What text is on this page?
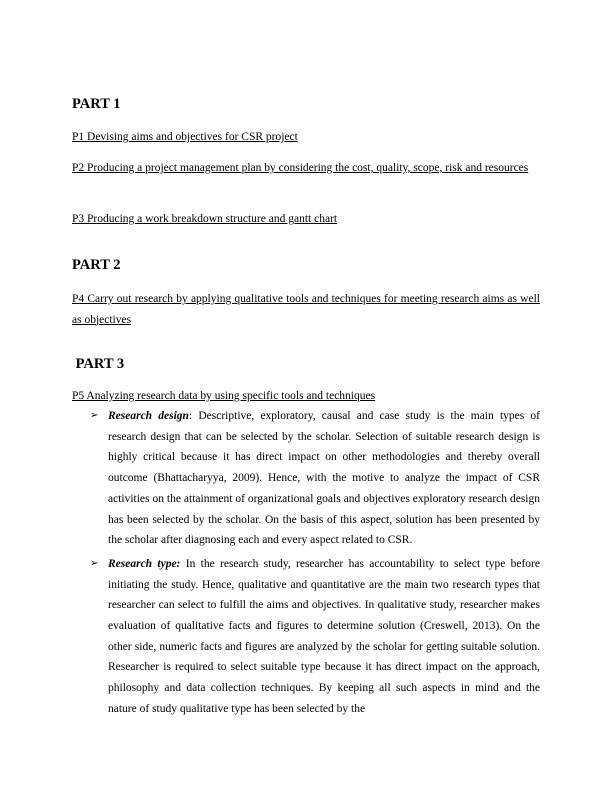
PART 1

P1 Devising aims and objectives for CSR project

P2 Producing a project management plan by considering the cost, quality, scope, risk and resources

P3 Producing a work breakdown structure and gantt chart

PART 2

P4 Carry out research by applying qualitative tools and techniques for meeting research aims as well as objectives

PART 3

P5 Analyzing research data by using specific tools and techniques

➢ Research design: Descriptive, exploratory, causal and case study is the main types of research design that can be selected by the scholar. Selection of suitable research design is highly critical because it has direct impact on other methodologies and thereby overall outcome (Bhattacharyya, 2009). Hence, with the motive to analyze the impact of CSR activities on the attainment of organizational goals and objectives exploratory research design has been selected by the scholar. On the basis of this aspect, solution has been presented by the scholar after diagnosing each and every aspect related to CSR.
➢ Research type: In the research study, researcher has accountability to select type before initiating the study. Hence, qualitative and quantitative are the main two research types that researcher can select to fulfill the aims and objectives. In qualitative study, researcher makes evaluation of qualitative facts and figures to determine solution (Creswell, 2013). On the other side, numeric facts and figures are analyzed by the scholar for getting suitable solution. Researcher is required to select suitable type because it has direct impact on the approach, philosophy and data collection techniques. By keeping all such aspects in mind and the nature of study qualitative type has been selected by the
